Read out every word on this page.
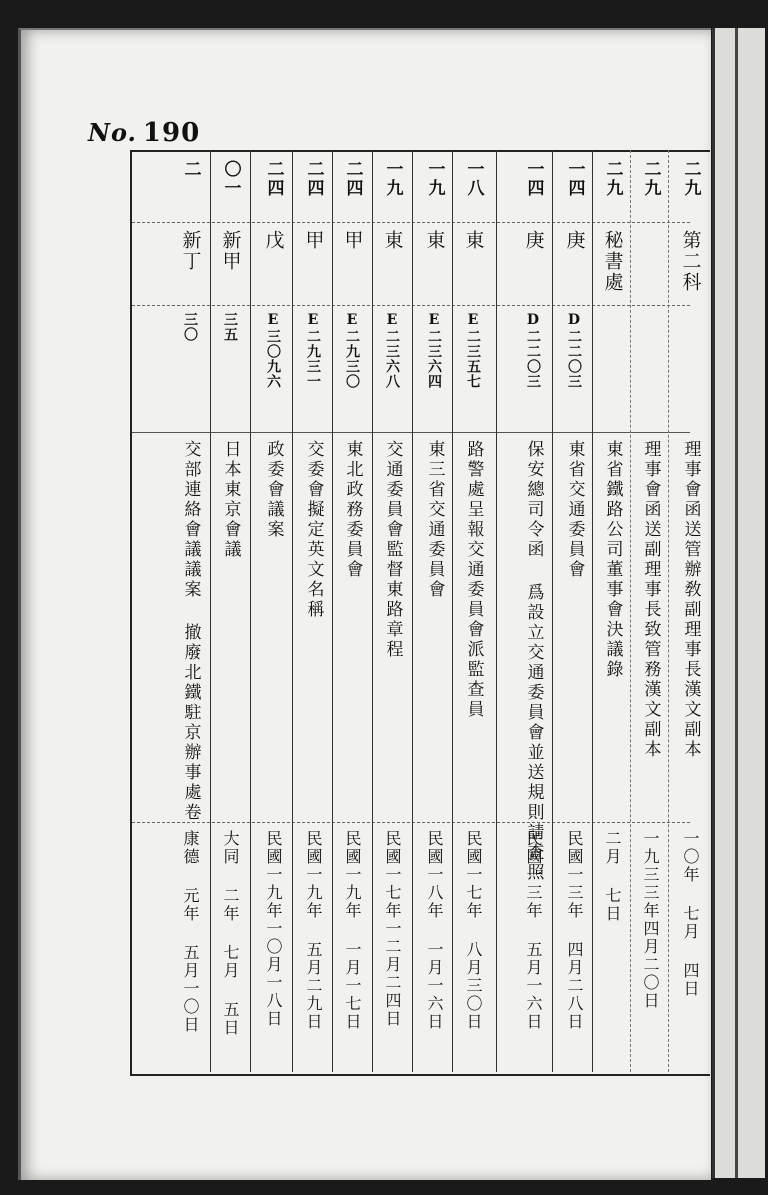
No. 190
二九
第二科
理事會函送管辦敎副理事長漢文副本
一〇年 七月 四日
二九
理事會函送副理事長致管務漢文副本
一九三三年四月二〇日
二九
秘書處
東省鐵路公司董事會決議錄
二月 七日
一四
庚
D二二〇三
東省交通委員會
民國一三年 四月二八日
一四
庚
D二二〇三
保安總司令函 爲設立交通委員會並送規則請查照
民國一三年 五月一六日
一八
東
E二三五七
路警處呈報交通委員會派監查員
民國一七年 八月三〇日
一九
東
E二三六四
東三省交通委員會
民國一八年 一月一六日
一九
東
E二三六八
交通委員會監督東路章程
民國一七年一二月二四日
二四
甲
E二九三〇
東北政務委員會
民國一九年 一月一七日
二四
甲
E二九三一
交委會擬定英文名稱
民國一九年 五月二九日
二四
戊
E三〇九六
政委會議案
民國一九年一〇月一八日
〇一
新甲
三五
日本東京會議
大同 二年 七月 五日
二
新丁
三〇
交部連絡會議議案 撤廢北鐵駐京辦事處卷
康德 元年 五月一〇日
